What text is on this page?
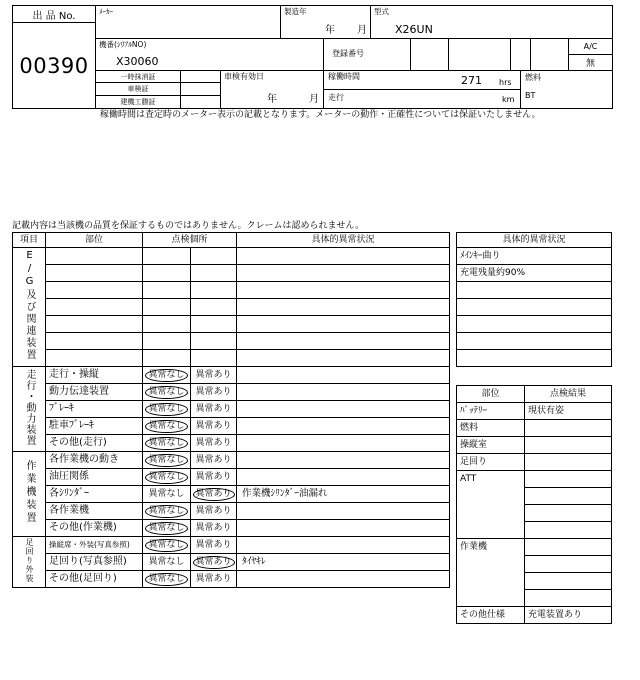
出 品 No.
00390
ﾒｰｶｰ	製造年
年 月
型式
X26UN
機番(ｼﾘｱﾙNO)
X30060
登録番号
A/C
無
一時抹消証
車検証
建機工謄証
車検有効日
年	月
稼働時間	271 hrs
走行	km
燃料
BT
稼働時間は査定時のメーター表示の記載となります。メーターの動作・正確性については保証いたしません。
記載内容は当該機の品質を保証するものではありません。クレームは認められません。
項目	部位	点検個所		具体的異常状況
E/G及び関連装置				

走行・動力装置	走行・操縦	異常なし	異常あり	
	動力伝達装置	異常なし	異常あり	
	ﾌﾞﾚｰｷ	異常なし	異常あり	
	駐車ﾌﾞﾚｰｷ	異常なし	異常あり	
	その他(走行)	異常なし	異常あり	
作業機装置	各作業機の動き	異常なし	異常あり	
	油圧関係	異常なし	異常あり	
	各ｼﾘﾝﾀﾞｰ	異常なし	異常あり	作業機ｼﾘﾝﾀﾞｰ油漏れ
	各作業機	異常なし	異常あり	
	その他(作業機)	異常なし	異常あり	
足回り外装	操縦席・外装(写真参照)	異常なし	異常あり	
	足回り(写真参照)	異常なし	異常あり	ﾀｲﾔｷﾚ
	その他(足回り)	異常なし	異常あり	
具体的異常状況
ﾒｲﾝｷｰ曲り
充電残量約90%

部位	点検結果
ﾊﾞｯﾃﾘｰ	現状有姿
燃料	
操縦室	
足回り	
ATT	

作業機	

その他仕様	充電装置あり
